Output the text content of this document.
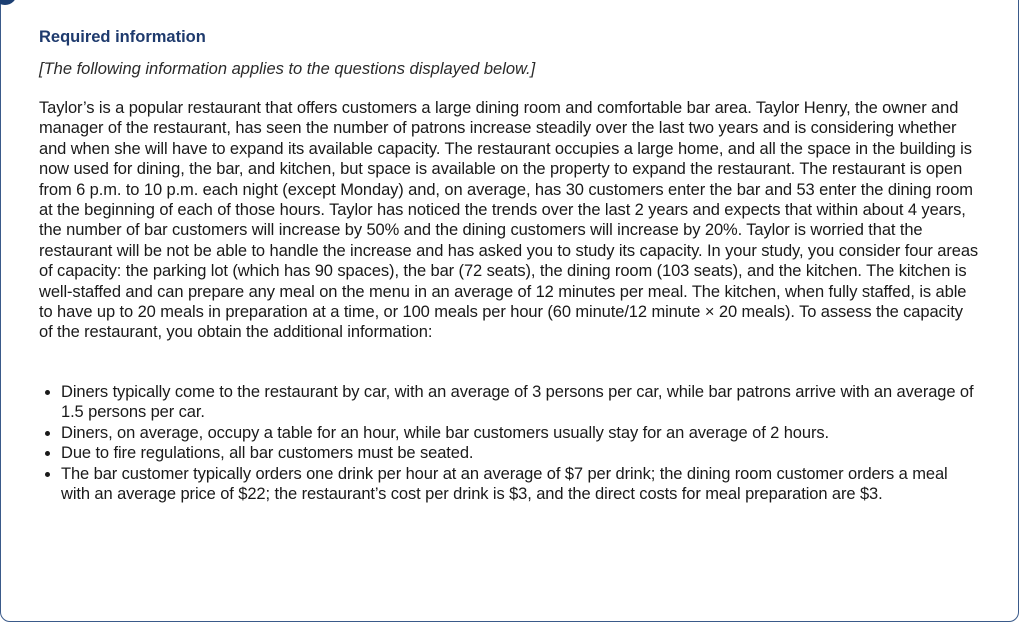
Required information

[The following information applies to the questions displayed below.]

Taylor’s is a popular restaurant that offers customers a large dining room and comfortable bar area. Taylor Henry, the owner and manager of the restaurant, has seen the number of patrons increase steadily over the last two years and is considering whether and when she will have to expand its available capacity. The restaurant occupies a large home, and all the space in the building is now used for dining, the bar, and kitchen, but space is available on the property to expand the restaurant. The restaurant is open from 6 p.m. to 10 p.m. each night (except Monday) and, on average, has 30 customers enter the bar and 53 enter the dining room at the beginning of each of those hours. Taylor has noticed the trends over the last 2 years and expects that within about 4 years, the number of bar customers will increase by 50% and the dining customers will increase by 20%. Taylor is worried that the restaurant will be not be able to handle the increase and has asked you to study its capacity. In your study, you consider four areas of capacity: the parking lot (which has 90 spaces), the bar (72 seats), the dining room (103 seats), and the kitchen. The kitchen is well-staffed and can prepare any meal on the menu in an average of 12 minutes per meal. The kitchen, when fully staffed, is able to have up to 20 meals in preparation at a time, or 100 meals per hour (60 minute/12 minute × 20 meals). To assess the capacity of the restaurant, you obtain the additional information:

Diners typically come to the restaurant by car, with an average of 3 persons per car, while bar patrons arrive with an average of 1.5 persons per car.
Diners, on average, occupy a table for an hour, while bar customers usually stay for an average of 2 hours.
Due to fire regulations, all bar customers must be seated.
The bar customer typically orders one drink per hour at an average of $7 per drink; the dining room customer orders a meal with an average price of $22; the restaurant’s cost per drink is $3, and the direct costs for meal preparation are $3.
